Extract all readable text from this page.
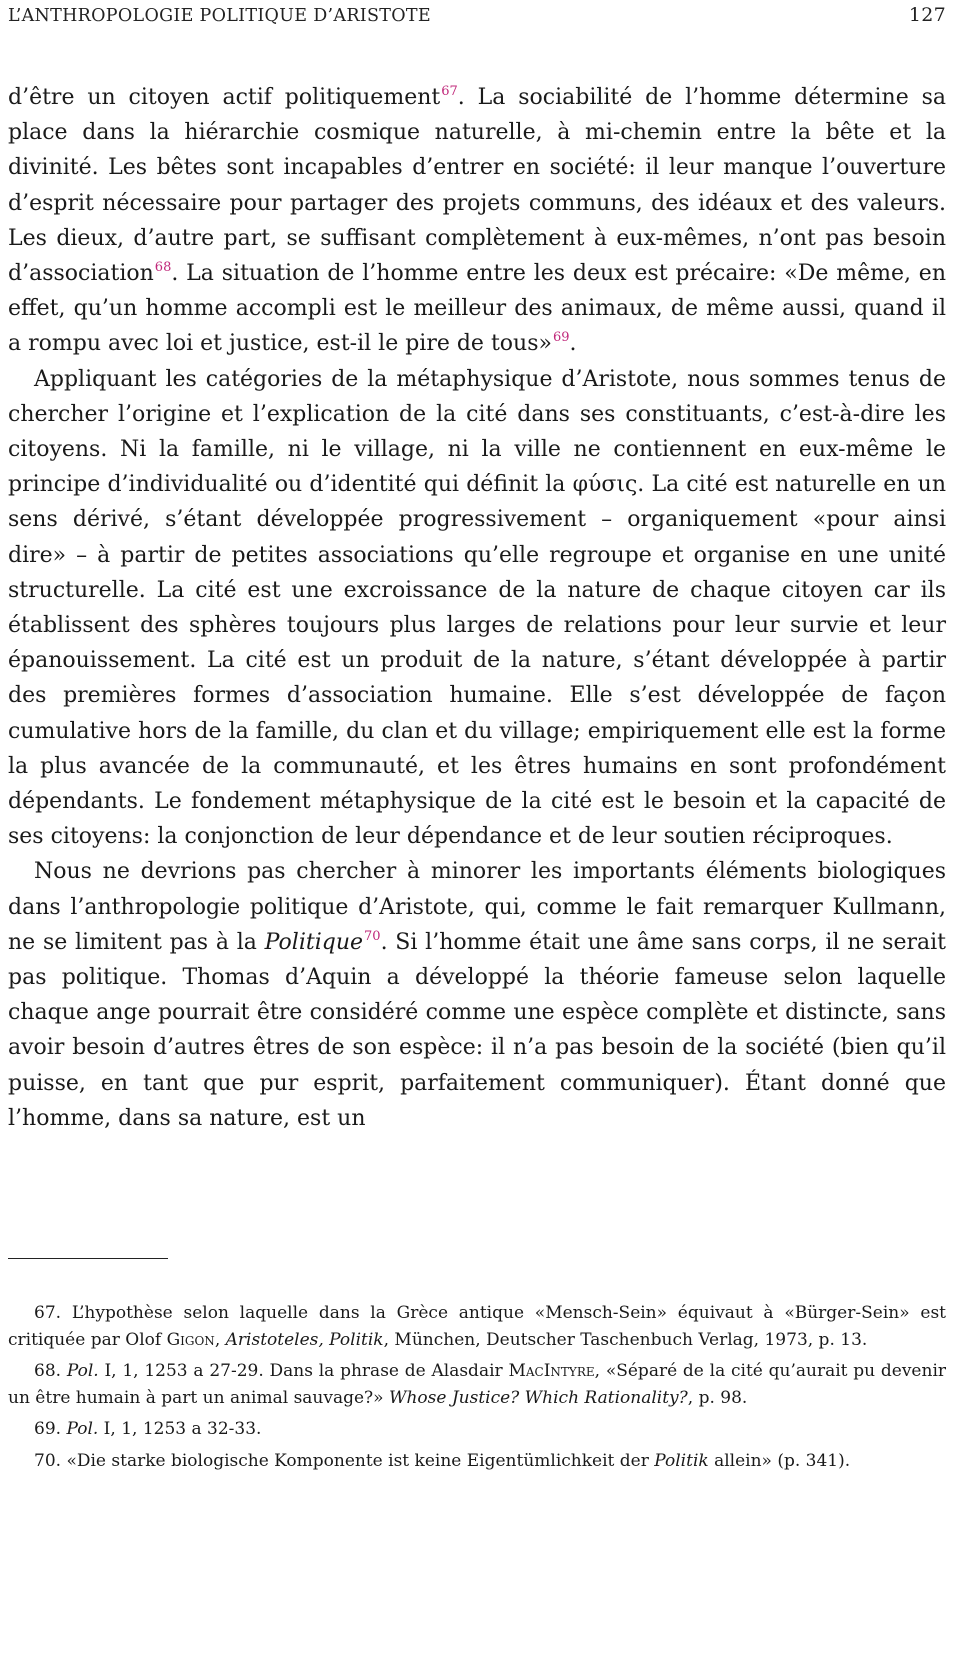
L’ANTHROPOLOGIE POLITIQUE D’ARISTOTE	127

d’être un citoyen actif politiquement$^{67}$. La sociabilité de l’homme détermine sa place dans la hiérarchie cosmique naturelle, à mi-chemin entre la bête et la divinité. Les bêtes sont incapables d’entrer en société: il leur manque l’ouverture d’esprit nécessaire pour partager des projets communs, des idéaux et des valeurs. Les dieux, d’autre part, se suffisant complètement à eux-mêmes, n’ont pas besoin d’association$^{68}$. La situation de l’homme entre les deux est précaire: «De même, en effet, qu’un homme accompli est le meilleur des animaux, de même aussi, quand il a rompu avec loi et justice, est-il le pire de tous»$^{69}$.

Appliquant les catégories de la métaphysique d’Aristote, nous sommes tenus de chercher l’origine et l’explication de la cité dans ses constituants, c’est-à-dire les citoyens. Ni la famille, ni le village, ni la ville ne contiennent en eux-même le principe d’individualité ou d’identité qui définit la φύσις. La cité est naturelle en un sens dérivé, s’étant développée progressivement – organiquement «pour ainsi dire» – à partir de petites associations qu’elle regroupe et organise en une unité structurelle. La cité est une excroissance de la nature de chaque citoyen car ils établissent des sphères toujours plus larges de relations pour leur survie et leur épanouissement. La cité est un produit de la nature, s’étant développée à partir des premières formes d’association humaine. Elle s’est développée de façon cumulative hors de la famille, du clan et du village; empiriquement elle est la forme la plus avancée de la communauté, et les êtres humains en sont profondément dépendants. Le fondement métaphysique de la cité est le besoin et la capacité de ses citoyens: la conjonction de leur dépendance et de leur soutien réciproques.

Nous ne devrions pas chercher à minorer les importants éléments biologiques dans l’anthropologie politique d’Aristote, qui, comme le fait remarquer Kullmann, ne se limitent pas à la Politique$^{70}$. Si l’homme était une âme sans corps, il ne serait pas politique. Thomas d’Aquin a développé la théorie fameuse selon laquelle chaque ange pourrait être considéré comme une espèce complète et distincte, sans avoir besoin d’autres êtres de son espèce: il n’a pas besoin de la société (bien qu’il puisse, en tant que pur esprit, parfaitement communiquer). Étant donné que l’homme, dans sa nature, est un

67. L’hypothèse selon laquelle dans la Grèce antique «Mensch-Sein» équivaut à «Bürger-Sein» est critiquée par Olof Gigon, Aristoteles, Politik, München, Deutscher Taschenbuch Verlag, 1973, p. 13.

68. Pol. I, 1, 1253 a 27-29. Dans la phrase de Alasdair MacIntyre, «Séparé de la cité qu’aurait pu devenir un être humain à part un animal sauvage?» Whose Justice? Which Rationality?, p. 98.

69. Pol. I, 1, 1253 a 32-33.

70. «Die starke biologische Komponente ist keine Eigentümlichkeit der Politik allein» (p. 341).
